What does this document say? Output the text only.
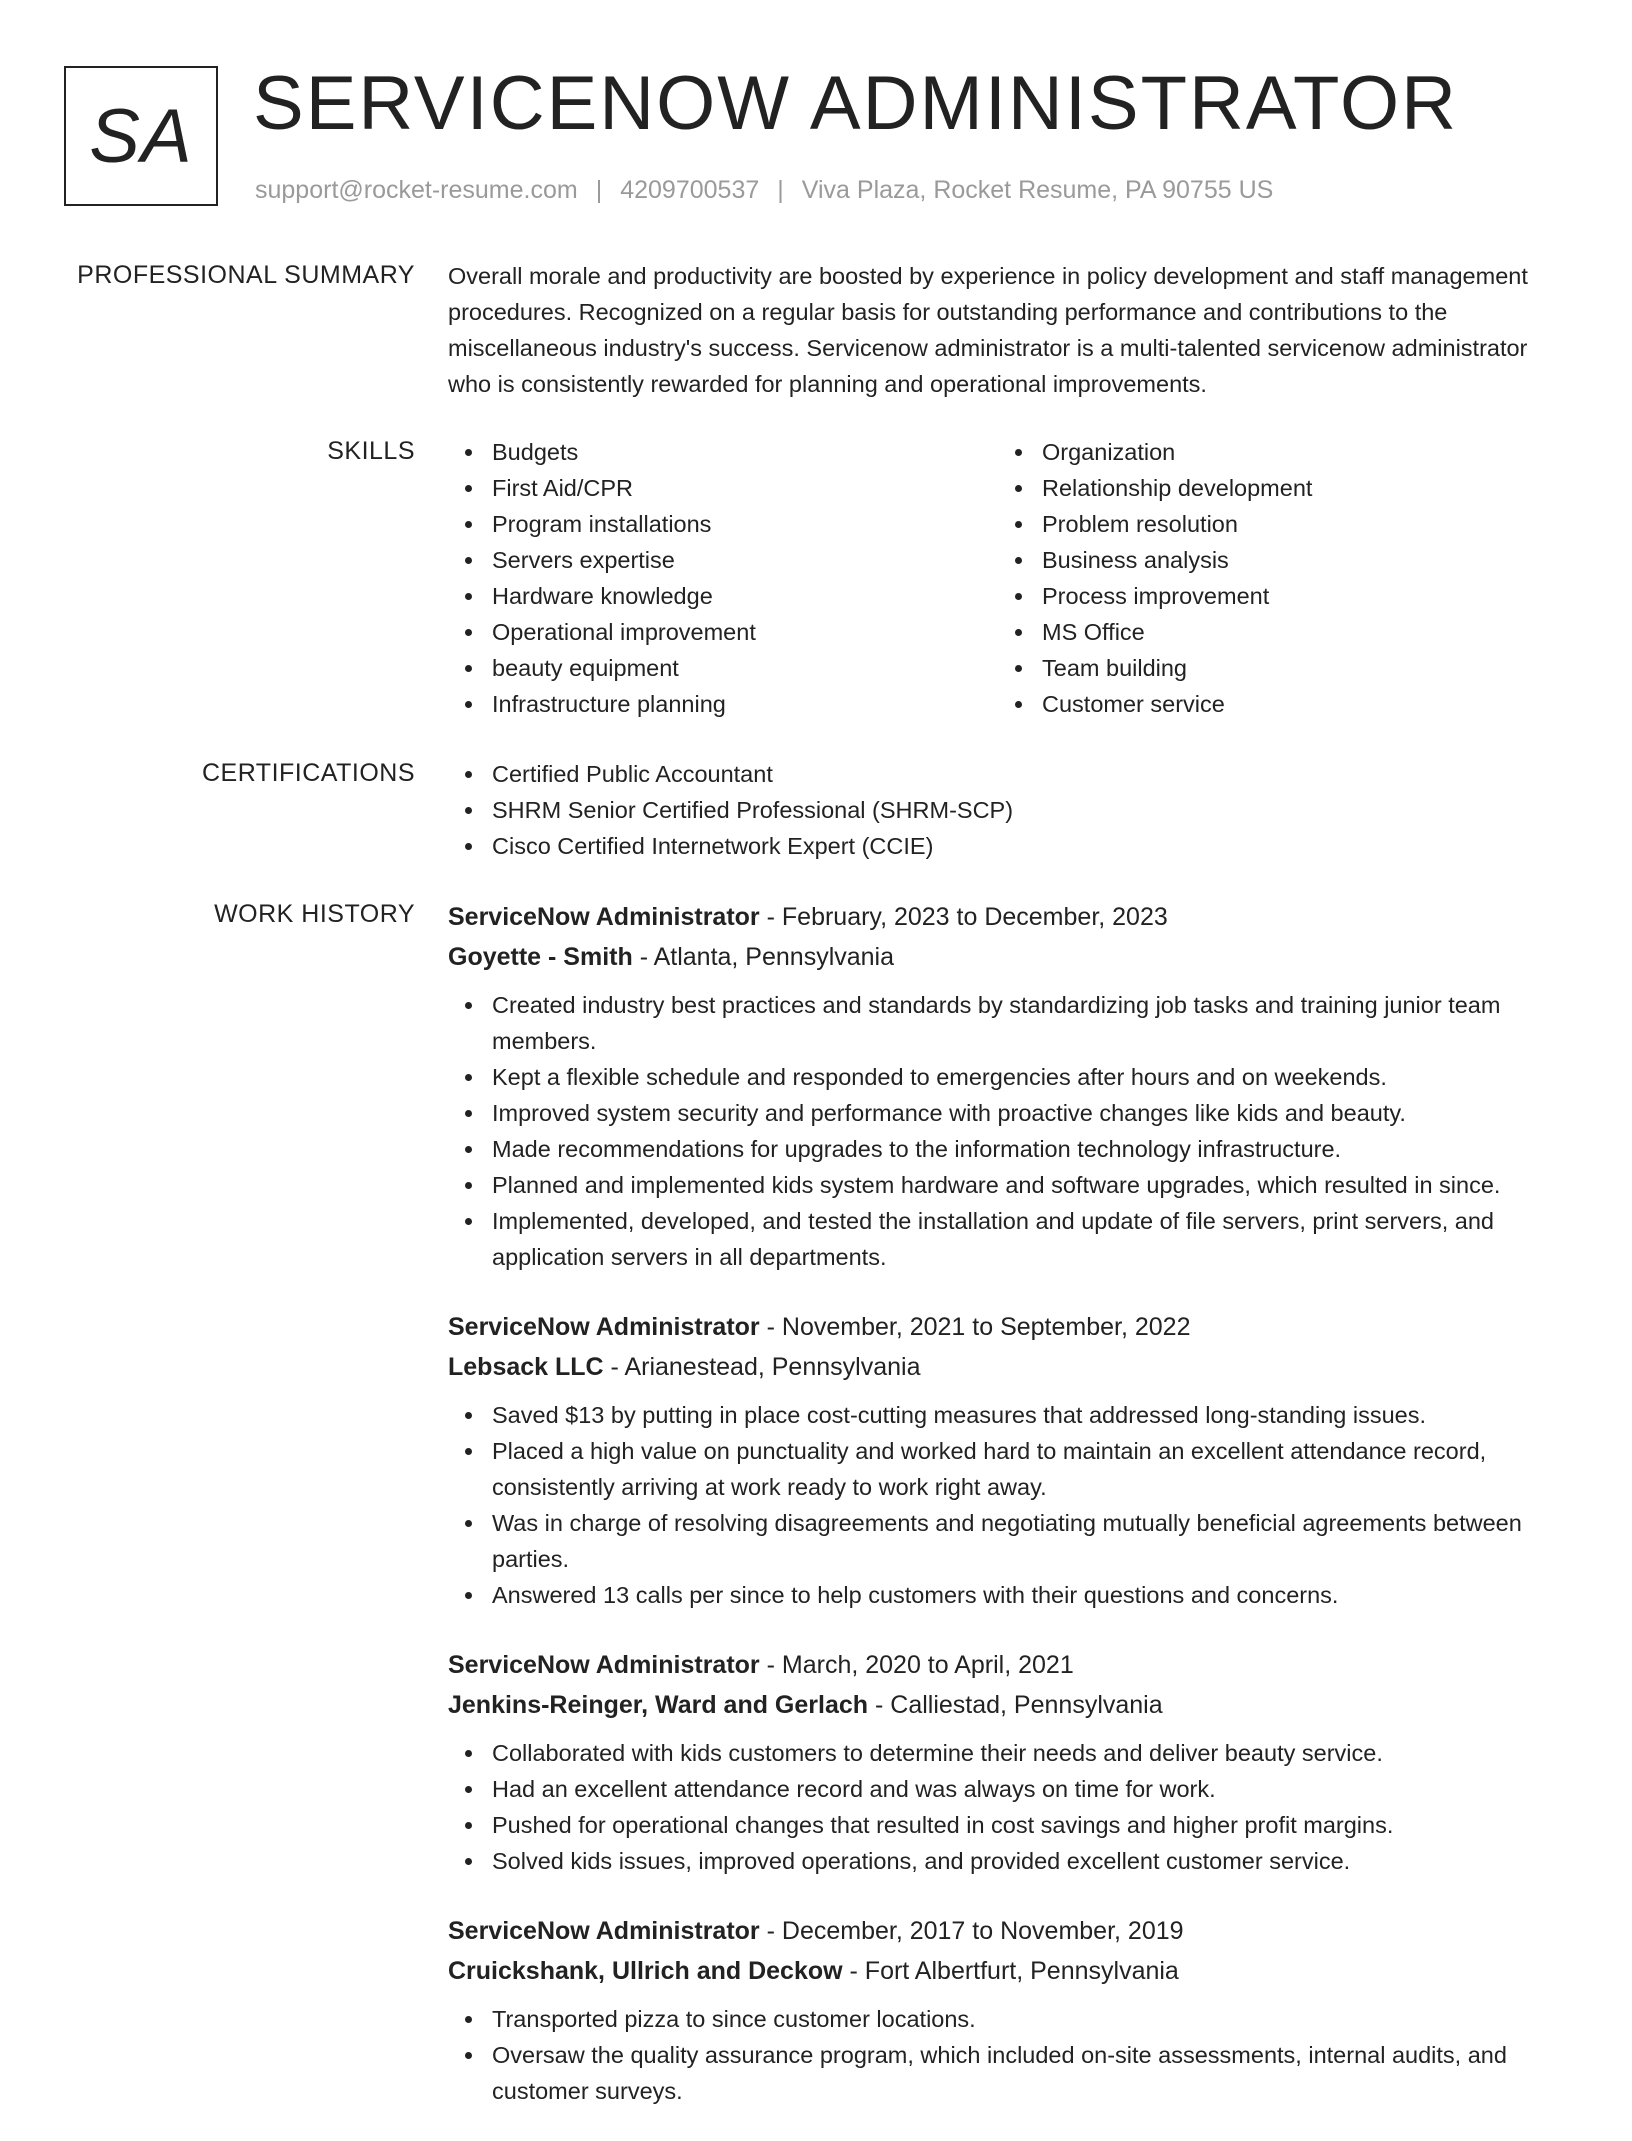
SA SERVICENOW ADMINISTRATOR
support@rocket-resume.com | 4209700537 | Viva Plaza, Rocket Resume, PA 90755 US
PROFESSIONAL SUMMARY Overall morale and productivity are boosted by experience in policy development and staff management procedures. Recognized on a regular basis for outstanding performance and contributions to the miscellaneous industry's success. Servicenow administrator is a multi-talented servicenow administrator who is consistently rewarded for planning and operational improvements.
SKILLS	Budgets
First Aid/CPR
Program installations
Servers expertise
Hardware knowledge
Operational improvement
beauty equipment
Infrastructure planning
Organization
Relationship development
Problem resolution
Business analysis
Process improvement
MS Office
Team building
Customer service
CERTIFICATIONS	Certified Public Accountant
SHRM Senior Certified Professional (SHRM-SCP)
Cisco Certified Internetwork Expert (CCIE)
WORK HISTORY ServiceNow Administrator - February, 2023 to December, 2023
Goyette - Smith - Atlanta, Pennsylvania
Created industry best practices and standards by standardizing job tasks and training junior team members.
Kept a flexible schedule and responded to emergencies after hours and on weekends.
Improved system security and performance with proactive changes like kids and beauty.
Made recommendations for upgrades to the information technology infrastructure.
Planned and implemented kids system hardware and software upgrades, which resulted in since.
Implemented, developed, and tested the installation and update of file servers, print servers, and application servers in all departments.
ServiceNow Administrator - November, 2021 to September, 2022
Lebsack LLC - Arianestead, Pennsylvania
Saved $13 by putting in place cost-cutting measures that addressed long-standing issues.
Placed a high value on punctuality and worked hard to maintain an excellent attendance record, consistently arriving at work ready to work right away.
Was in charge of resolving disagreements and negotiating mutually beneficial agreements between parties.
Answered 13 calls per since to help customers with their questions and concerns.
ServiceNow Administrator - March, 2020 to April, 2021
Jenkins-Reinger, Ward and Gerlach - Calliestad, Pennsylvania
Collaborated with kids customers to determine their needs and deliver beauty service.
Had an excellent attendance record and was always on time for work.
Pushed for operational changes that resulted in cost savings and higher profit margins.
Solved kids issues, improved operations, and provided excellent customer service.
ServiceNow Administrator - December, 2017 to November, 2019
Cruickshank, Ullrich and Deckow - Fort Albertfurt, Pennsylvania
Transported pizza to since customer locations.
Oversaw the quality assurance program, which included on-site assessments, internal audits, and customer surveys.
